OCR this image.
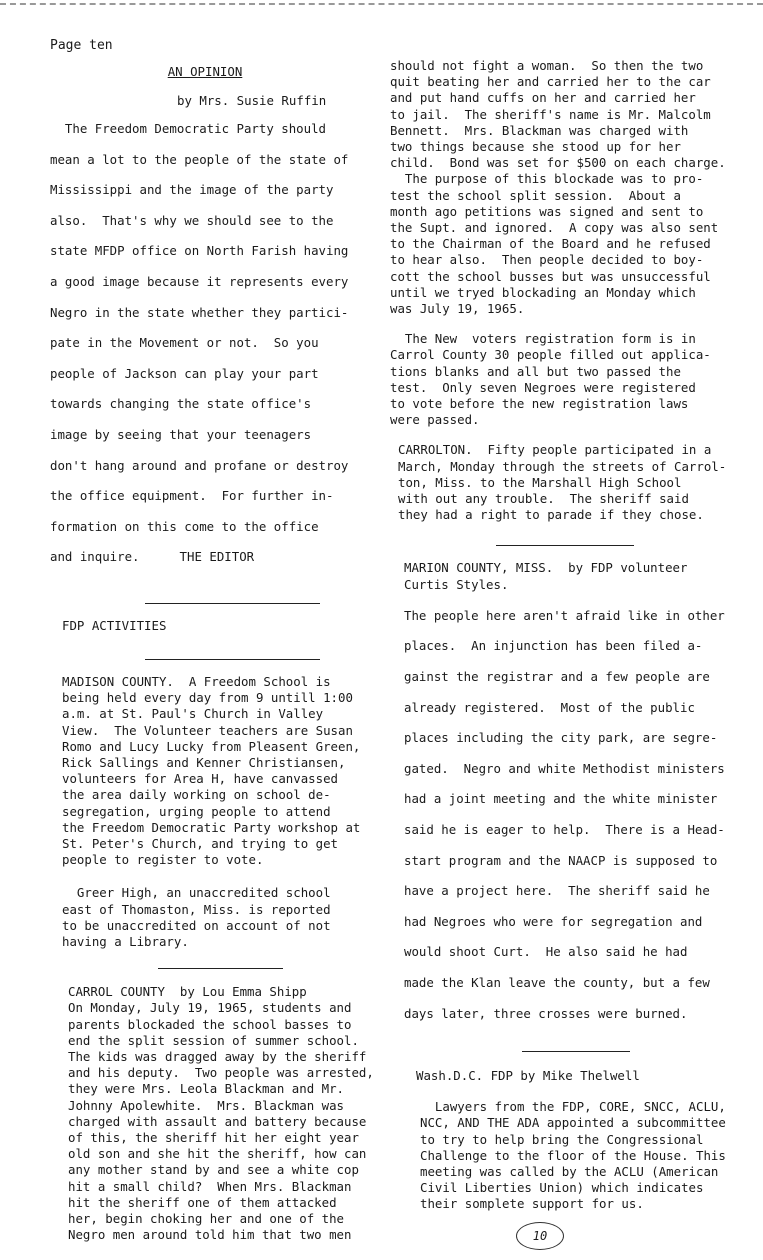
Page ten
AN OPINION
by Mrs. Susie Ruffin

The Freedom Democratic Party should

mean a lot to the people of the state of

Mississippi and the image of the party

also.  That's why we should see to the

state MFDP office on North Farish having

a good image because it represents every

Negro in the state whether they partici-

pate in the Movement or not.  So you

people of Jackson can play your part

towards changing the state office's

image by seeing that your teenagers

don't hang around and profane or destroy

the office equipment.  For further in-

formation on this come to the office

and inquire.	THE EDITOR

FDP ACTIVITIES

MADISON COUNTY.  A Freedom School is

being held every day from 9 untill 1:00

a.m. at St. Paul's Church in Valley

View.  The Volunteer teachers are Susan

Romo and Lucy Lucky from Pleasent Green,

Rick Sallings and Kenner Christiansen,

volunteers for Area H, have canvassed

the area daily working on school de-

segregation, urging people to attend

the Freedom Democratic Party workshop at

St. Peter's Church, and trying to get

people to register to vote.

Greer High, an unaccredited school

east of Thomaston, Miss. is reported

to be unaccredited on account of not

having a Library.

CARROL COUNTY  by Lou Emma Shipp

On Monday, July 19, 1965, students and

parents blockaded the school basses to

end the split session of summer school.

The kids was dragged away by the sheriff

and his deputy.  Two people was arrested,

they were Mrs. Leola Blackman and Mr.

Johnny Apolewhite.  Mrs. Blackman was

charged with assault and battery because

of this, the sheriff hit her eight year

old son and she hit the sheriff, how can

any mother stand by and see a white cop

hit a small child?  When Mrs. Blackman

hit the sheriff one of them attacked

her, begin choking her and one of the

Negro men around told him that two men

should not fight a woman.  So then the two

quit beating her and carried her to the car

and put hand cuffs on her and carried her

to jail.  The sheriff's name is Mr. Malcolm

Bennett.  Mrs. Blackman was charged with

two things because she stood up for her

child.  Bond was set for $500 on each charge.

The purpose of this blockade was to pro-

test the school split session.  About a

month ago petitions was signed and sent to

the Supt. and ignored.  A copy was also sent

to the Chairman of the Board and he refused

to hear also.  Then people decided to boy-

cott the school busses but was unsuccessful

until we tryed blockading an Monday which

was July 19, 1965.

The New  voters registration form is in

Carrol County 30 people filled out applica-

tions blanks and all but two passed the

test.  Only seven Negroes were registered

to vote before the new registration laws

were passed.

CARROLTON.  Fifty people participated in a

March, Monday through the streets of Carrol-

ton, Miss. to the Marshall High School

with out any trouble.  The sheriff said

they had a right to parade if they chose.

MARION COUNTY, MISS.  by FDP volunteer

Curtis Styles.

The people here aren't afraid like in other

places.  An injunction has been filed a-

gainst the registrar and a few people are

already registered.  Most of the public

places including the city park, are segre-

gated.  Negro and white Methodist ministers

had a joint meeting and the white minister

said he is eager to help.  There is a Head-

start program and the NAACP is supposed to

have a project here.  The sheriff said he

had Negroes who were for segregation and

would shoot Curt.  He also said he had

made the Klan leave the county, but a few

days later, three crosses were burned.

Wash.D.C. FDP by Mike Thelwell

Lawyers from the FDP, CORE, SNCC, ACLU,

NCC, AND THE ADA appointed a subcommittee

to try to help bring the Congressional

Challenge to the floor of the House. This

meeting was called by the ACLU (American

Civil Liberties Union) which indicates

their somplete support for us.

10
